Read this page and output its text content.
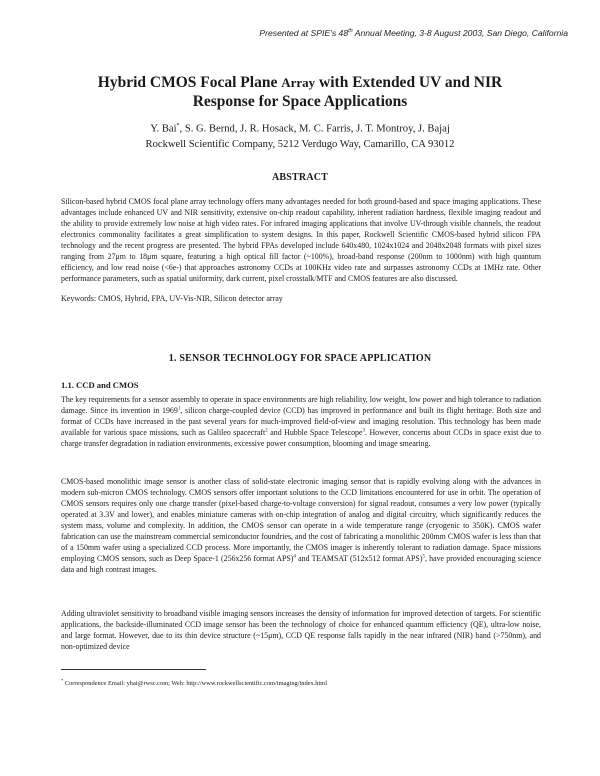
Presented at SPIE’s 48th Annual Meeting, 3-8 August 2003, San Diego, California
Hybrid CMOS Focal Plane Array with Extended UV and NIR
Response for Space Applications
Y. Bai*, S. G. Bernd, J. R. Hosack, M. C. Farris, J. T. Montroy, J. Bajaj
Rockwell Scientific Company, 5212 Verdugo Way, Camarillo, CA 93012
ABSTRACT

Silicon-based hybrid CMOS focal plane array technology offers many advantages needed for both ground-based and space imaging applications. These advantages include enhanced UV and NIR sensitivity, extensive on-chip readout capability, inherent radiation hardness, flexible imaging readout and the ability to provide extremely low noise at high video rates. For infrared imaging applications that involve UV-through visible channels, the readout electronics commonality facilitates a great simplification to system designs. In this paper, Rockwell Scientific CMOS-based hybrid silicon FPA technology and the recent progress are presented. The hybrid FPAs developed include 640x480, 1024x1024 and 2048x2048 formats with pixel sizes ranging from 27μm to 18μm square, featuring a high optical fill factor (~100%), broad-band response (200nm to 1000nm) with high quantum efficiency, and low read noise (<6e-) that approaches astronomy CCDs at 100KHz video rate and surpasses astronomy CCDs at 1MHz rate. Other performance parameters, such as spatial uniformity, dark current, pixel crosstalk/MTF and CMOS features are also discussed.

Keywords: CMOS, Hybrid, FPA, UV-Vis-NIR, Silicon detector array
1. SENSOR TECHNOLOGY FOR SPACE APPLICATION
1.1. CCD and CMOS

The key requirements for a sensor assembly to operate in space environments are high reliability, low weight, low power and high tolerance to radiation damage. Since its invention in 1969$^1$, silicon charge-coupled device (CCD) has improved in performance and built its flight heritage. Both size and format of CCDs have increased in the past several years for much-improved field-of-view and imaging resolution. This technology has been made available for various space missions, such as Galileo spacecraft$^2$ and Hubble Space Telescope$^3$. However, concerns about CCDs in space exist due to charge transfer degradation in radiation environments, excessive power consumption, blooming and image smearing.

CMOS-based monolithic image sensor is another class of solid-state electronic imaging sensor that is rapidly evolving along with the advances in modern sub-micron CMOS technology. CMOS sensors offer important solutions to the CCD limitations encountered for use in orbit. The operation of CMOS sensors requires only one charge transfer (pixel-based charge-to-voltage conversion) for signal readout, consumes a very low power (typically operated at 3.3V and lower), and enables miniature cameras with on-chip integration of analog and digital circuitry, which significantly reduces the system mass, volume and complexity. In addition, the CMOS sensor can operate in a wide temperature range (cryogenic to 350K). CMOS wafer fabrication can use the mainstream commercial semiconductor foundries, and the cost of fabricating a monolithic 200mm CMOS wafer is less than that of a 150mm wafer using a specialized CCD process. More importantly, the CMOS imager is inherently tolerant to radiation damage. Space missions employing CMOS sensors, such as Deep Space-1 (256x256 format APS)$^4$ and TEAMSAT (512x512 format APS)$^5$, have provided encouraging science data and high contrast images.

Adding ultraviolet sensitivity to broadband visible imaging sensors increases the density of information for improved detection of targets. For scientific applications, the backside-illuminated CCD image sensor has been the technology of choice for enhanced quantum efficiency (QE), ultra-low noise, and large format. However, due to its thin device structure (~15μm), CCD QE response falls rapidly in the near infrared (NIR) band (>750nm), and non-optimized device

* Correspondence Email: ybai@rwsc.com; Web: http://www.rockwellscientific.com/imaging/index.html
